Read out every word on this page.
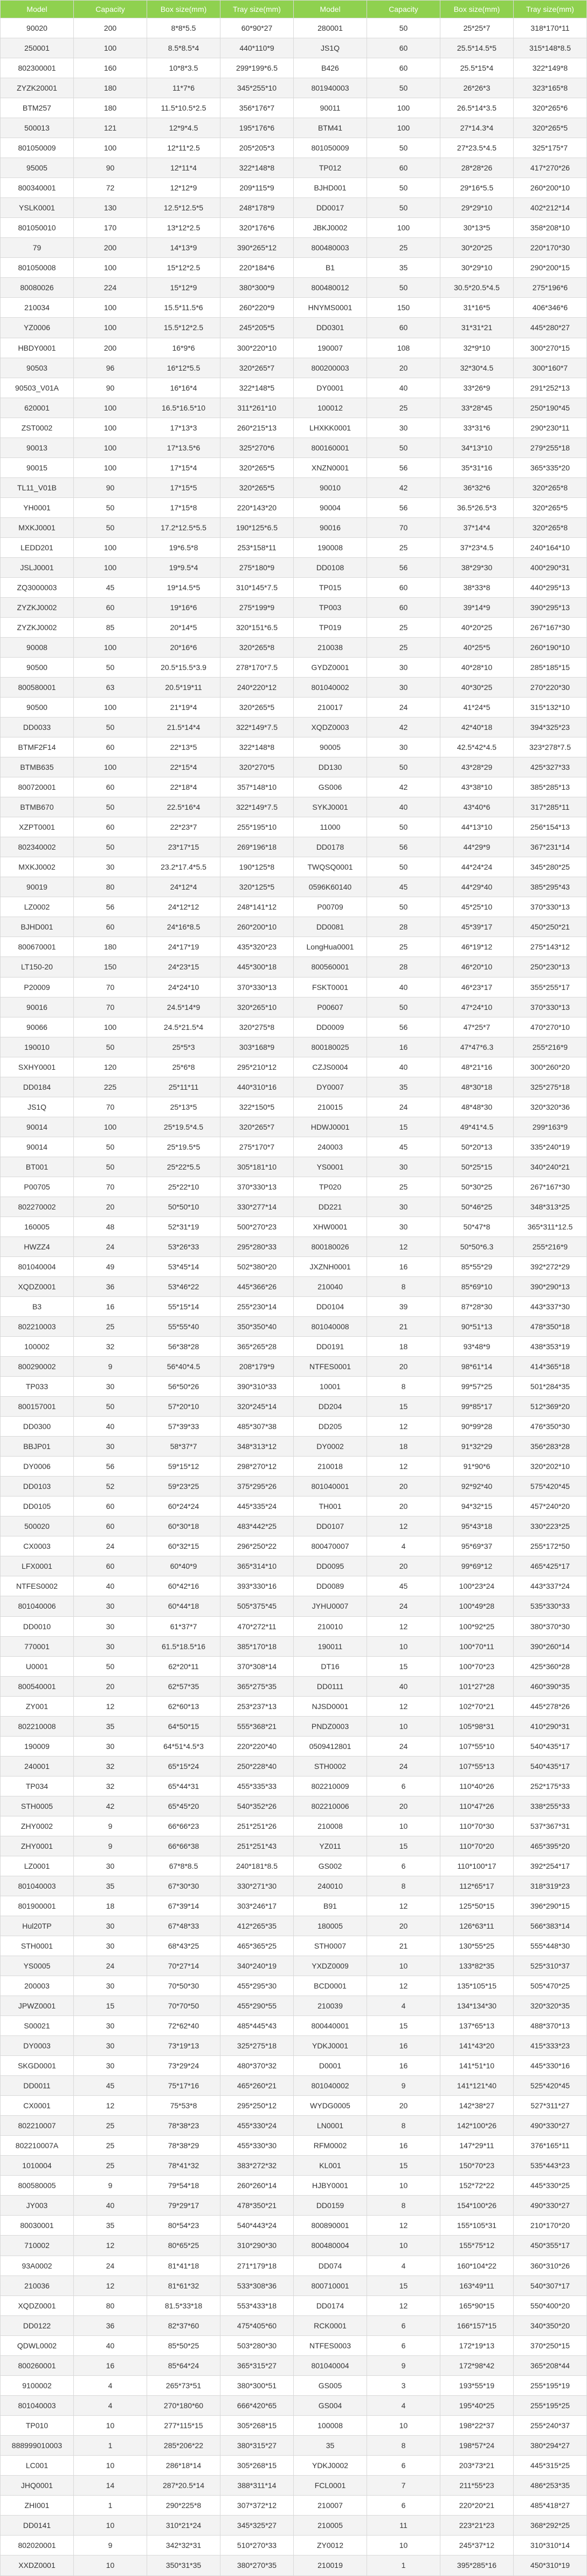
Model	Capacity	Box size(mm)	Tray size(mm)	Model	Capacity	Box size(mm)	Tray size(mm)
90020	200	8*8*5.5	60*90*27	280001	50	25*25*7	318*170*11
250001	100	8.5*8.5*4	440*110*9	JS1Q	60	25.5*14.5*5	315*148*8.5
802300001	160	10*8*3.5	299*199*6.5	B426	60	25.5*15*4	322*149*8
ZYZK20001	180	11*7*6	345*255*10	801940003	50	26*26*3	323*165*8
BTM257	180	11.5*10.5*2.5	356*176*7	90011	100	26.5*14*3.5	320*265*6
500013	121	12*9*4.5	195*176*6	BTM41	100	27*14.3*4	320*265*5
801050009	100	12*11*2.5	205*205*3	801050009	50	27*23.5*4.5	325*175*7
95005	90	12*11*4	322*148*8	TP012	60	28*28*26	417*270*26
800340001	72	12*12*9	209*115*9	BJHD001	50	29*16*5.5	260*200*10
YSLK0001	130	12.5*12.5*5	248*178*9	DD0017	50	29*29*10	402*212*14
801050010	170	13*12*2.5	320*176*6	JBKJ0002	100	30*13*5	358*208*10
79	200	14*13*9	390*265*12	800480003	25	30*20*25	220*170*30
801050008	100	15*12*2.5	220*184*6	B1	35	30*29*10	290*200*15
80080026	224	15*12*9	380*300*9	800480012	50	30.5*20.5*4.5	275*196*6
210034	100	15.5*11.5*6	260*220*9	HNYMS0001	150	31*16*5	406*346*6
YZ0006	100	15.5*12*2.5	245*205*5	DD0301	60	31*31*21	445*280*27
HBDY0001	200	16*9*6	300*220*10	190007	108	32*9*10	300*270*15
90503	96	16*12*5.5	320*265*7	800200003	20	32*30*4.5	300*160*7
90503_V01A	90	16*16*4	322*148*5	DY0001	40	33*26*9	291*252*13
620001	100	16.5*16.5*10	311*261*10	100012	25	33*28*45	250*190*45
ZST0002	100	17*13*3	260*215*13	LHXKK0001	30	33*31*6	290*230*11
90013	100	17*13.5*6	325*270*6	800160001	50	34*13*10	279*255*18
90015	100	17*15*4	320*265*5	XNZN0001	56	35*31*16	365*335*20
TL11_V01B	90	17*15*5	320*265*5	90010	42	36*32*6	320*265*8
YH0001	50	17*15*8	220*143*20	90004	56	36.5*26.5*3	320*265*5
MXKJ0001	50	17.2*12.5*5.5	190*125*6.5	90016	70	37*14*4	320*265*8
LEDD201	100	19*6.5*8	253*158*11	190008	25	37*23*4.5	240*164*10
JSLJ0001	100	19*9.5*4	275*180*9	DD0108	56	38*29*30	400*290*31
ZQ3000003	45	19*14.5*5	310*145*7.5	TP015	60	38*33*8	440*295*13
ZYZKJ0002	60	19*16*6	275*199*9	TP003	60	39*14*9	390*295*13
ZYZKJ0002	85	20*14*5	320*151*6.5	TP019	25	40*20*25	267*167*30
90008	100	20*16*6	320*265*8	210038	25	40*25*5	260*190*10
90500	50	20.5*15.5*3.9	278*170*7.5	GYDZ0001	30	40*28*10	285*185*15
800580001	63	20.5*19*11	240*220*12	801040002	30	40*30*25	270*220*30
90500	100	21*19*4	320*265*5	210017	24	41*24*5	315*132*10
DD0033	50	21.5*14*4	322*149*7.5	XQDZ0003	42	42*40*18	394*325*23
BTMF2F14	60	22*13*5	322*148*8	90005	30	42.5*42*4.5	323*278*7.5
BTMB635	100	22*15*4	320*270*5	DD130	50	43*28*29	425*327*33
800720001	60	22*18*4	357*148*10	GS006	42	43*38*10	385*285*13
BTMB670	50	22.5*16*4	322*149*7.5	SYKJ0001	40	43*40*6	317*285*11
XZPT0001	60	22*23*7	255*195*10	11000	50	44*13*10	256*154*13
802340002	50	23*17*15	269*196*18	DD0178	56	44*29*9	367*231*14
MXKJ0002	30	23.2*17.4*5.5	190*125*8	TWQSQ0001	50	44*24*24	345*280*25
90019	80	24*12*4	320*125*5	0596K60140	45	44*29*40	385*295*43
LZ0002	56	24*12*12	248*141*12	P00709	50	45*25*10	370*330*13
BJHD001	60	24*16*8.5	260*200*10	DD0081	28	45*39*17	450*250*21
800670001	180	24*17*19	435*320*23	LongHua0001	25	46*19*12	275*143*12
LT150-20	150	24*23*15	445*300*18	800560001	28	46*20*10	250*230*13
P20009	70	24*24*10	370*330*13	FSKT0001	40	46*23*17	355*255*17
90016	70	24.5*14*9	320*265*10	P00607	50	47*24*10	370*330*13
90066	100	24.5*21.5*4	320*275*8	DD0009	56	47*25*7	470*270*10
190010	50	25*5*3	303*168*9	800180025	16	47*47*6.3	255*216*9
SXHY0001	120	25*6*8	295*210*12	CZJS0004	40	48*21*16	300*260*20
DD0184	225	25*11*11	440*310*16	DY0007	35	48*30*18	325*275*18
JS1Q	70	25*13*5	322*150*5	210015	24	48*48*30	320*320*36
90014	100	25*19.5*4.5	320*265*7	HDWJ0001	15	49*41*4.5	299*163*9
90014	50	25*19.5*5	275*170*7	240003	45	50*20*13	335*240*19
BT001	50	25*22*5.5	305*181*10	YS0001	30	50*25*15	340*240*21
P00705	70	25*22*10	370*330*13	TP020	25	50*30*25	267*167*30
802270002	20	50*50*10	330*277*14	DD221	30	50*46*25	348*313*25
160005	48	52*31*19	500*270*23	XHW0001	30	50*47*8	365*311*12.5
HWZZ4	24	53*26*33	295*280*33	800180026	12	50*50*6.3	255*216*9
801040004	49	53*45*14	502*380*20	JXZNH0001	16	85*55*29	392*272*29
XQDZ0001	36	53*46*22	445*366*26	210040	8	85*69*10	390*290*13
B3	16	55*15*14	255*230*14	DD0104	39	87*28*30	443*337*30
802210003	25	55*55*40	350*350*40	801040008	21	90*51*13	478*350*18
100002	32	56*38*28	365*265*28	DD0191	18	93*48*9	438*353*19
800290002	9	56*40*4.5	208*179*9	NTFES0001	20	98*61*14	414*365*18
TP033	30	56*50*26	390*310*33	10001	8	99*57*25	501*284*35
800157001	50	57*20*10	320*245*14	DD204	15	99*85*17	512*369*20
DD0300	40	57*39*33	485*307*38	DD205	12	90*99*28	476*350*30
BBJP01	30	58*37*7	348*313*12	DY0002	18	91*32*29	356*283*28
DY0006	56	59*15*12	298*270*12	210018	12	91*90*6	320*202*10
DD0103	52	59*23*25	375*295*26	801040001	20	92*92*40	575*420*45
DD0105	60	60*24*24	445*335*24	TH001	20	94*32*15	457*240*20
500020	60	60*30*18	483*442*25	DD0107	12	95*43*18	330*223*25
CX0003	24	60*32*15	296*250*22	800470007	4	95*69*37	255*172*50
LFX0001	60	60*40*9	365*314*10	DD0095	20	99*69*12	465*425*17
NTFES0002	40	60*42*16	393*330*16	DD0089	45	100*23*24	443*337*24
801040006	30	60*44*18	505*375*45	JYHU0007	24	100*49*28	535*330*33
DD0010	30	61*37*7	470*272*11	210010	12	100*92*25	380*370*30
770001	30	61.5*18.5*16	385*170*18	190011	10	100*70*11	390*260*14
U0001	50	62*20*11	370*308*14	DT16	15	100*70*23	425*360*28
800540001	20	62*57*35	365*275*35	DD0111	40	101*27*28	460*390*35
ZY001	12	62*60*13	253*237*13	NJSD0001	12	102*70*21	445*278*26
802210008	35	64*50*15	555*368*21	PNDZ0003	10	105*98*31	410*290*31
190009	30	64*51*4.5*3	220*220*40	0509412801	24	107*55*10	540*435*17
240001	32	65*15*24	250*228*40	STH0002	24	107*55*13	540*435*17
TP034	32	65*44*31	455*335*33	802210009	6	110*40*26	252*175*33
STH0005	42	65*45*20	540*352*26	802210006	20	110*47*26	338*255*33
ZHY0002	9	66*66*23	251*251*26	210008	10	110*70*30	537*367*31
ZHY0001	9	66*66*38	251*251*43	YZ011	15	110*70*20	465*395*20
LZ0001	30	67*8*8.5	240*181*8.5	GS002	6	110*100*17	392*254*17
801040003	35	67*30*30	330*271*30	240010	8	112*65*17	318*319*23
801900001	18	67*39*14	303*246*17	B91	12	125*50*15	396*290*15
Hul20TP	30	67*48*33	412*265*35	180005	20	126*63*11	566*383*14
STH0001	30	68*43*25	465*365*25	STH0007	21	130*55*25	555*448*30
YS0005	24	70*27*14	340*240*19	YXDZ0009	10	133*82*35	525*310*37
200003	30	70*50*30	455*295*30	BCD0001	12	135*105*15	505*470*25
JPWZ0001	15	70*70*50	455*290*55	210039	4	134*134*30	320*320*35
S00021	30	72*62*40	485*445*43	800440001	15	137*65*13	488*370*13
DY0003	30	73*19*13	325*275*18	YDKJ0001	16	141*43*20	415*333*23
SKGD0001	30	73*29*24	480*370*32	D0001	16	141*51*10	445*330*16
DD0011	45	75*17*16	465*260*21	801040002	9	141*121*40	525*420*45
CX0001	12	75*53*8	295*250*12	WYDG0005	20	142*38*27	527*311*27
802210007	25	78*38*23	455*330*24	LN0001	8	142*100*26	490*330*27
802210007A	25	78*38*29	455*330*30	RFM0002	16	147*29*11	376*165*11
1010004	25	78*41*32	383*272*32	KL001	15	150*70*23	535*443*23
800580005	9	79*54*18	260*260*14	HJBY0001	10	152*72*22	445*330*25
JY003	40	79*29*17	478*350*21	DD0159	8	154*100*26	490*330*27
80030001	35	80*54*23	540*443*24	800890001	12	155*105*31	210*170*20
710002	12	80*65*25	310*290*30	800480004	10	155*75*12	450*355*17
93A0002	24	81*41*18	271*179*18	DD074	4	160*104*22	360*310*26
210036	12	81*61*32	533*308*36	800710001	15	163*49*11	540*307*17
XQDZ0001	80	81.5*33*18	553*433*18	DD0174	12	165*90*15	550*400*20
DD0122	36	82*37*60	475*405*60	RCK0001	6	166*157*15	340*350*20
QDWL0002	40	85*50*25	503*280*30	NTFES0003	6	172*19*13	370*250*15
800260001	16	85*64*24	365*315*27	801040004	9	172*98*42	365*208*44
9100002	4	265*73*51	380*300*51	GS005	3	193*55*19	255*195*19
801040003	4	270*180*60	666*420*65	GS004	4	195*40*25	255*195*25
TP010	10	277*115*15	305*268*15	100008	10	198*22*37	255*240*37
888999010003	1	285*206*22	380*315*27	35	8	198*57*24	380*294*27
LC001	10	286*18*14	305*268*15	YDKJ0002	6	203*73*21	445*315*25
JHQ0001	14	287*20.5*14	388*311*14	FCL0001	7	211*55*23	486*253*35
ZHI001	1	290*225*8	307*372*12	210007	6	220*20*21	485*418*27
DD0141	10	310*21*24	345*325*27	210005	11	223*21*23	368*292*25
802020001	9	342*32*31	510*270*33	ZY0012	10	245*37*12	310*310*14
XXDZ0001	10	350*31*35	380*270*35	210019	1	395*285*16	450*310*19
